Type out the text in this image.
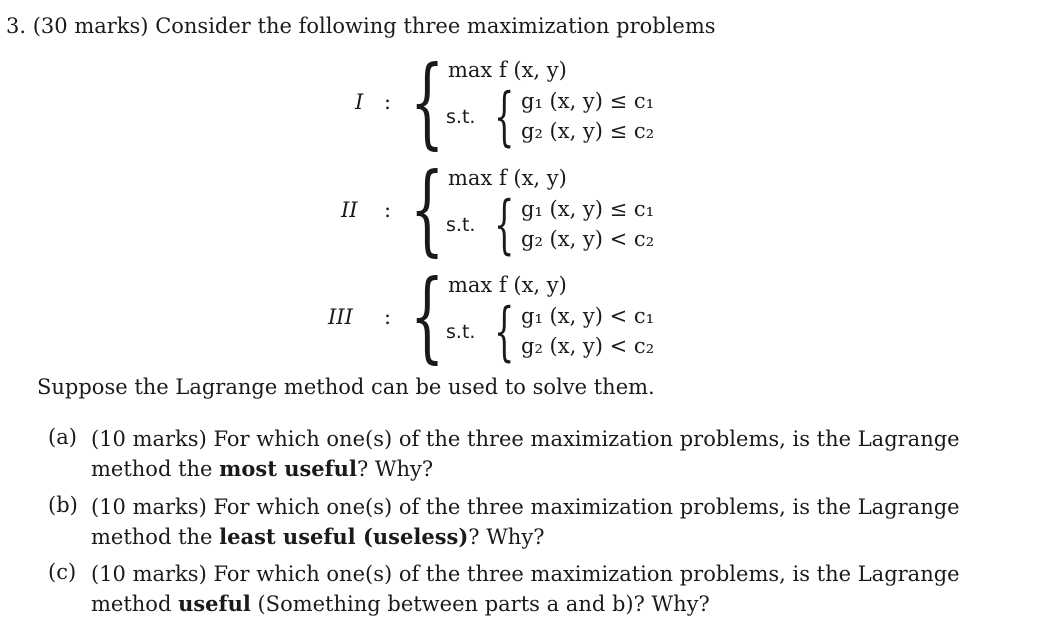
3. (30 marks) Consider the following three maximization problems
I : { max f (x, y)
s.t. { g₁ (x, y) ≤ c₁
g₂ (x, y) ≤ c₂
II : { max f (x, y)
s.t. { g₁ (x, y) ≤ c₁
g₂ (x, y) < c₂
III : { max f (x, y)
s.t. { g₁ (x, y) < c₁
g₂ (x, y) < c₂
Suppose the Lagrange method can be used to solve them.
(a) (10 marks) For which one(s) of the three maximization problems, is the Lagrange
method the most useful? Why?
(b) (10 marks) For which one(s) of the three maximization problems, is the Lagrange
method the least useful (useless)? Why?
(c) (10 marks) For which one(s) of the three maximization problems, is the Lagrange
method useful (Something between parts a and b)? Why?
